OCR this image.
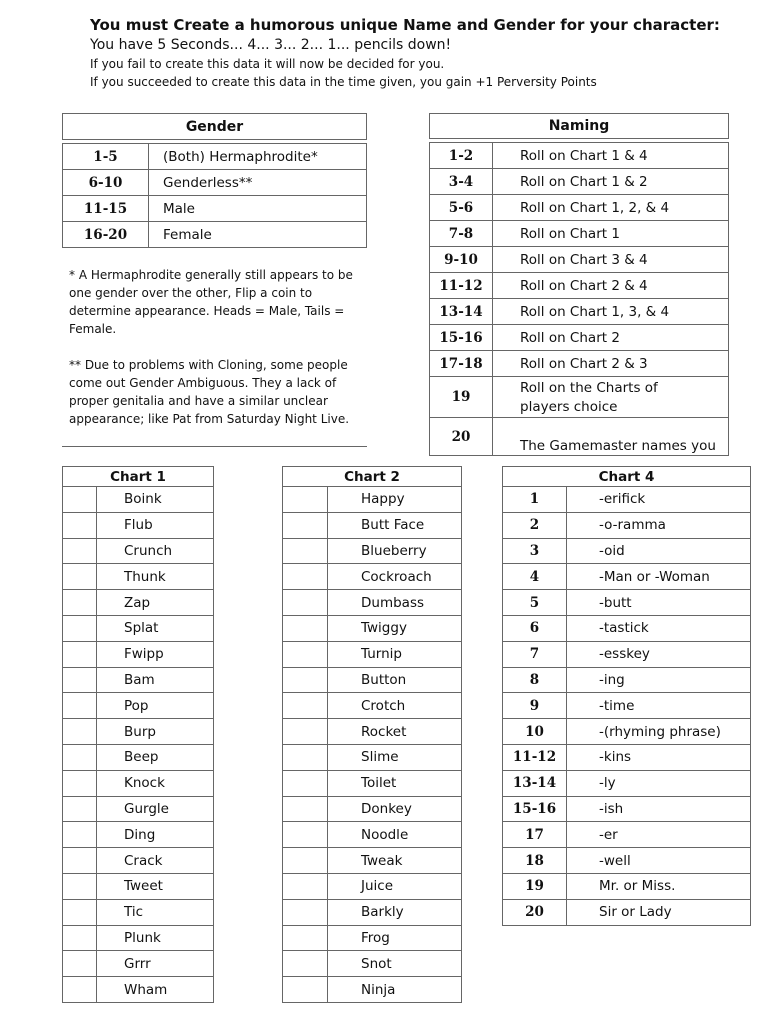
You must Create a humorous unique Name and Gender for your character:
You have 5 Seconds... 4... 3... 2... 1... pencils down!
If you fail to create this data it will now be decided for you.
If you succeeded to create this data in the time given, you gain +1 Perversity Points
Gender	

1-5	(Both) Hermaphrodite*
6-10	Genderless**
11-15	Male
16-20	Female

* A Hermaphrodite generally still appears to be one gender over the other, Flip a coin to determine appearance. Heads = Male, Tails = Female.

** Due to problems with Cloning, some people come out Gender Ambiguous. They a lack of proper genitalia and have a similar unclear appearance; like Pat from Saturday Night Live.

Naming	

1-2	Roll on Chart 1 & 4
3-4	Roll on Chart 1 & 2
5-6	Roll on Chart 1, 2, & 4
7-8	Roll on Chart 1
9-10	Roll on Chart 3 & 4
11-12	Roll on Chart 2 & 4
13-14	Roll on Chart 1, 3, & 4
15-16	Roll on Chart 2
17-18	Roll on Chart 2 & 3
19	Roll on the Charts of players choice
20	The Gamemaster names you
Chart 1	
	Boink
	Flub
	Crunch
	Thunk
	Zap
	Splat
	Fwipp
	Bam
	Pop
	Burp
	Beep
	Knock
	Gurgle
	Ding
	Crack
	Tweet
	Tic
	Plunk
	Grrr
	Wham
Chart 2	
	Happy
	Butt Face
	Blueberry
	Cockroach
	Dumbass
	Twiggy
	Turnip
	Button
	Crotch
	Rocket
	Slime
	Toilet
	Donkey
	Noodle
	Tweak
	Juice
	Barkly
	Frog
	Snot
	Ninja
Chart 4	
1	-erifick
2	-o-ramma
3	-oid
4	-Man or -Woman
5	-butt
6	-tastick
7	-esskey
8	-ing
9	-time
10	-(rhyming phrase)
11-12	-kins
13-14	-ly
15-16	-ish
17	-er
18	-well
19	Mr. or Miss.
20	Sir or Lady
